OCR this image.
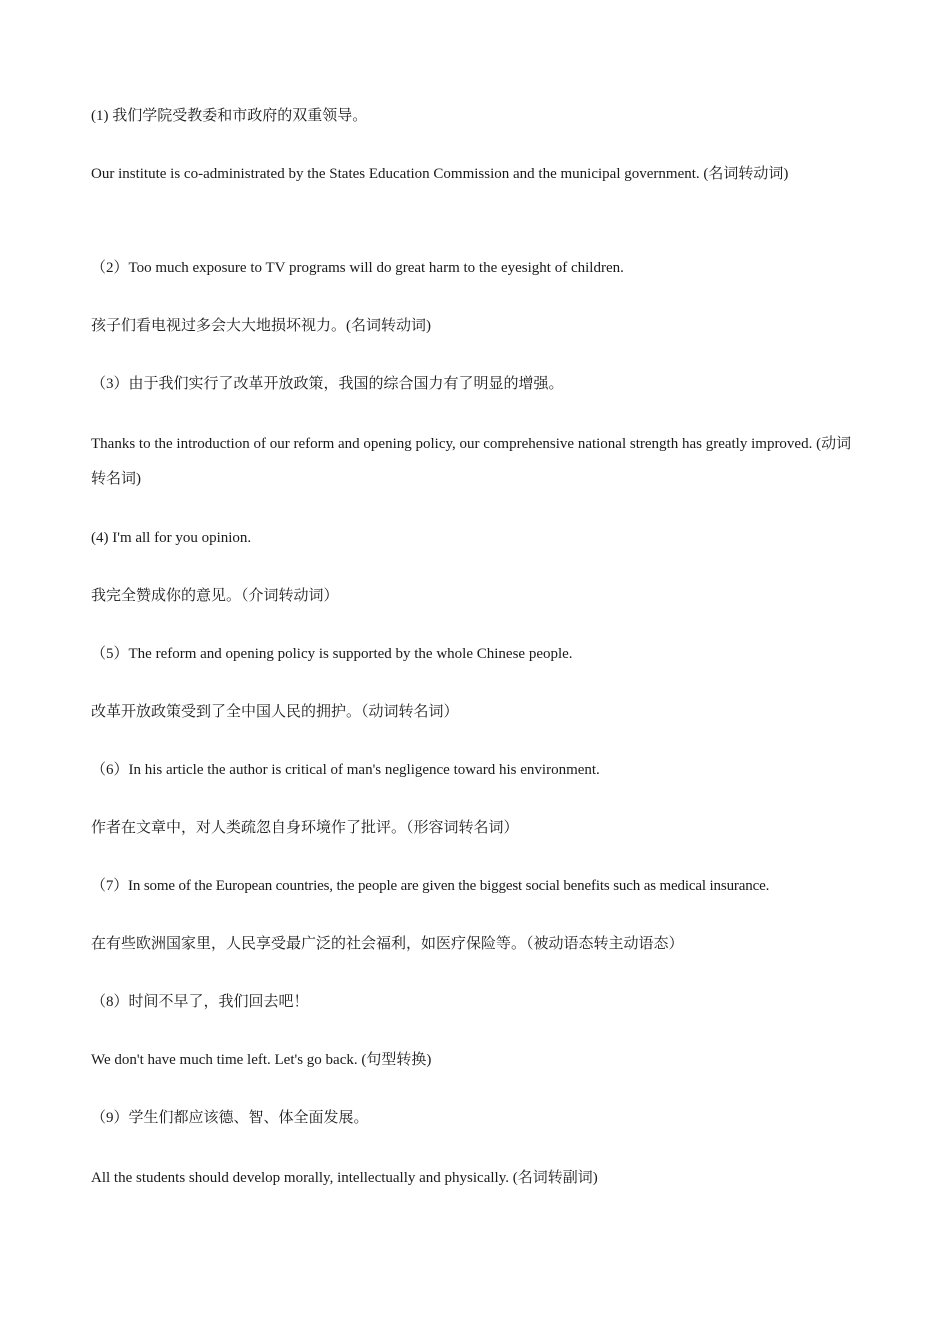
(1) 我们学院受教委和市政府的双重领导。

Our institute is co-administrated by the States Education Commission and the municipal government. (名词转动词)

（2）Too much exposure to TV programs will do great harm to the eyesight of children.

孩子们看电视过多会大大地损坏视力。(名词转动词)

（3）由于我们实行了改革开放政策，我国的综合国力有了明显的增强。

Thanks to the introduction of our reform and opening policy, our comprehensive national strength has greatly improved. (动词转名词)

(4) I'm all for you opinion.

我完全赞成你的意见。（介词转动词）

（5）The reform and opening policy is supported by the whole Chinese people.

改革开放政策受到了全中国人民的拥护。（动词转名词）

（6）In his article the author is critical of man's negligence toward his environment.

作者在文章中，对人类疏忽自身环境作了批评。（形容词转名词）

（7）In some of the European countries, the people are given the biggest social benefits such as medical insurance.

在有些欧洲国家里，人民享受最广泛的社会福利，如医疗保险等。（被动语态转主动语态）

（8）时间不早了，我们回去吧！

We don't have much time left. Let's go back. (句型转换)

（9）学生们都应该德、智、体全面发展。

All the students should develop morally, intellectually and physically. (名词转副词)
